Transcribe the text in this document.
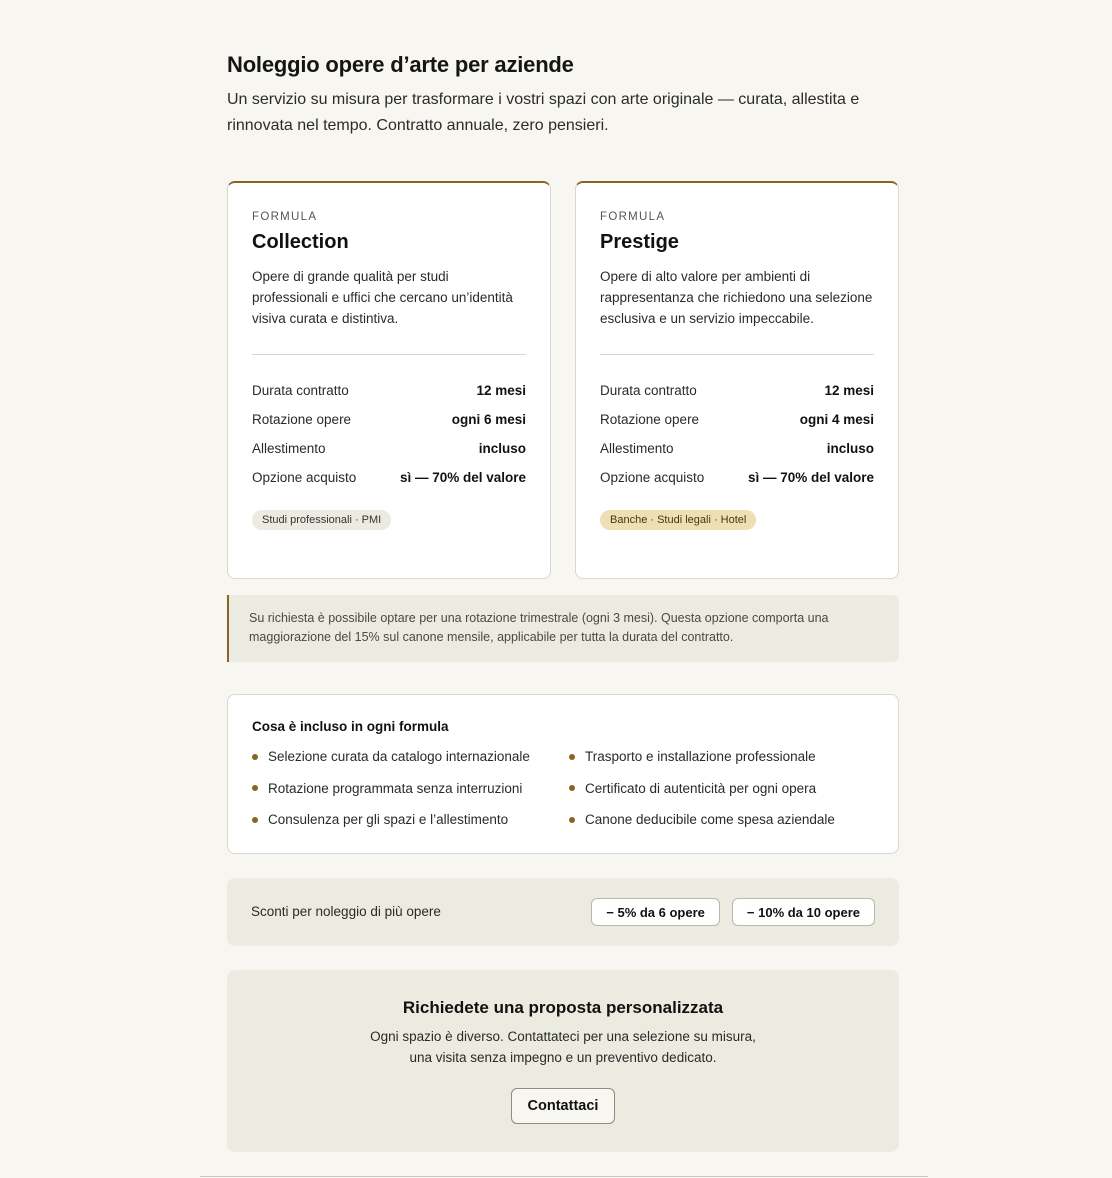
Noleggio opere d’arte per aziende

Un servizio su misura per trasformare i vostri spazi con arte originale — curata, allestita e rinnovata nel tempo. Contratto annuale, zero pensieri.

FORMULA
Collection

Opere di grande qualità per studi professionali e uffici che cercano un’identità visiva curata e distintiva.

Durata contratto	12 mesi
Rotazione opere	ogni 6 mesi
Allestimento	incluso
Opzione acquisto	sì — 70% del valore
Studi professionali · PMI
FORMULA
Prestige

Opere di alto valore per ambienti di rappresentanza che richiedono una selezione esclusiva e un servizio impeccabile.

Durata contratto	12 mesi
Rotazione opere	ogni 4 mesi
Allestimento	incluso
Opzione acquisto	sì — 70% del valore
Banche · Studi legali · Hotel
Su richiesta è possibile optare per una rotazione trimestrale (ogni 3 mesi). Questa opzione comporta una maggiorazione del 15% sul canone mensile, applicabile per tutta la durata del contratto.
Cosa è incluso in ogni formula
Selezione curata da catalogo internazionale	Trasporto e installazione professionale
Rotazione programmata senza interruzioni	Certificato di autenticità per ogni opera
Consulenza per gli spazi e l’allestimento	Canone deducibile come spesa aziendale
Sconti per noleggio di più opere	− 5% da 6 opere	− 10% da 10 opere
Richiedete una proposta personalizzata

Ogni spazio è diverso. Contattateci per una selezione su misura, una visita senza impegno e un preventivo dedicato.

Contattaci
